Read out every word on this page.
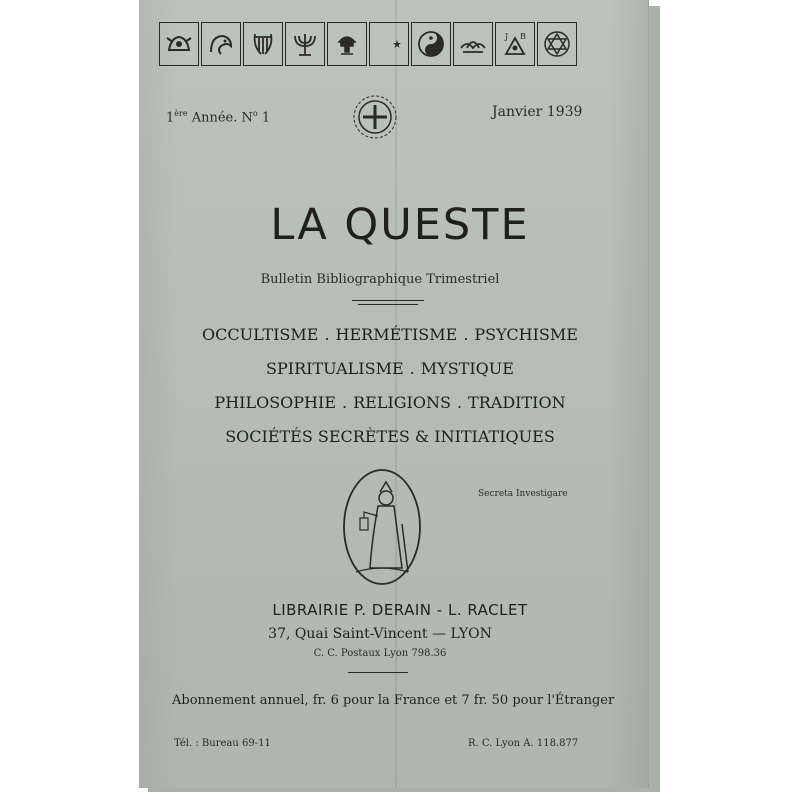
J B
1ère Année. $N^o$ 1	Janvier 1939
LA QUESTE
Bulletin Bibliographique Trimestriel
OCCULTISME . HERMÉTISME . PSYCHISME
SPIRITUALISME . MYSTIQUE
PHILOSOPHIE . RELIGIONS . TRADITION
SOCIÉTÉS SECRÈTES & INITIATIQUES
Secreta Investigare
LIBRAIRIE P. DERAIN - L. RACLET
37, Quai Saint-Vincent — LYON
C. C. Postaux Lyon 798.36
Abonnement annuel, fr. 6 pour la France et 7 fr. 50 pour l'Étranger
Tél. : Bureau 69-11	R. C. Lyon A. 118.877
